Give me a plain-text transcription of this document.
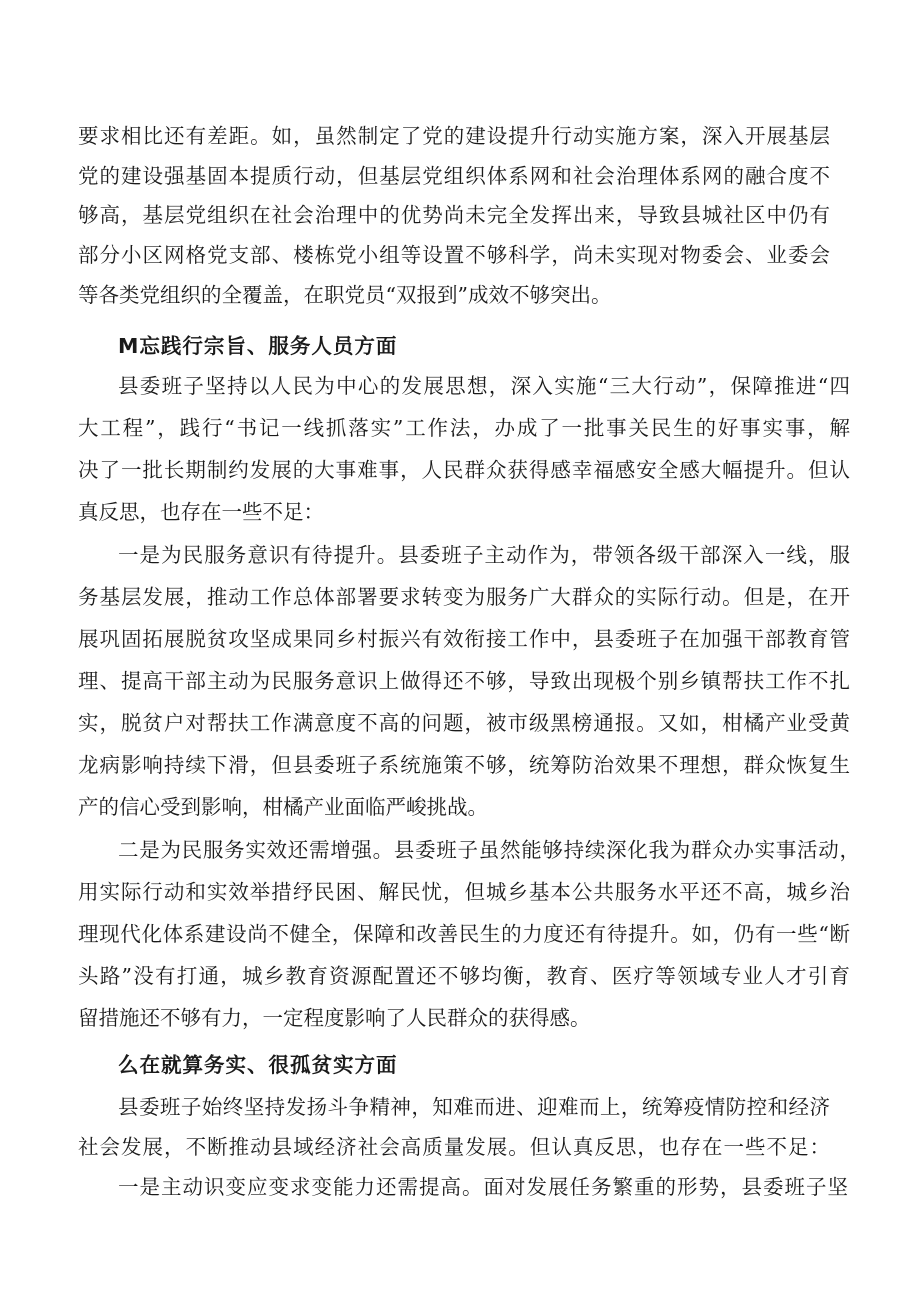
要求相比还有差距。如，虽然制定了党的建设提升行动实施方案，深入开展基层
党的建设强基固本提质行动，但基层党组织体系网和社会治理体系网的融合度不
够高，基层党组织在社会治理中的优势尚未完全发挥出来，导致县城社区中仍有
部分小区网格党支部、楼栋党小组等设置不够科学，尚未实现对物委会、业委会
等各类党组织的全覆盖，在职党员“双报到”成效不够突出。
M忘践行宗旨、服务人员方面
县委班子坚持以人民为中心的发展思想，深入实施“三大行动”，保障推进“四
大工程”，践行“书记一线抓落实”工作法，办成了一批事关民生的好事实事，解
决了一批长期制约发展的大事难事，人民群众获得感幸福感安全感大幅提升。但认
真反思，也存在一些不足：
一是为民服务意识有待提升。县委班子主动作为，带领各级干部深入一线，服
务基层发展，推动工作总体部署要求转变为服务广大群众的实际行动。但是，在开
展巩固拓展脱贫攻坚成果同乡村振兴有效衔接工作中，县委班子在加强干部教育管
理、提高干部主动为民服务意识上做得还不够，导致出现极个别乡镇帮扶工作不扎
实，脱贫户对帮扶工作满意度不高的问题，被市级黑榜通报。又如，柑橘产业受黄
龙病影响持续下滑，但县委班子系统施策不够，统筹防治效果不理想，群众恢复生
产的信心受到影响，柑橘产业面临严峻挑战。
二是为民服务实效还需增强。县委班子虽然能够持续深化我为群众办实事活动，
用实际行动和实效举措纾民困、解民忧，但城乡基本公共服务水平还不高，城乡治
理现代化体系建设尚不健全，保障和改善民生的力度还有待提升。如，仍有一些“断
头路”没有打通，城乡教育资源配置还不够均衡，教育、医疗等领域专业人才引育
留措施还不够有力，一定程度影响了人民群众的获得感。
么在就算务实、很孤贫实方面
县委班子始终坚持发扬斗争精神，知难而进、迎难而上，统筹疫情防控和经济
社会发展，不断推动县域经济社会高质量发展。但认真反思，也存在一些不足：
一是主动识变应变求变能力还需提高。面对发展任务繁重的形势，县委班子坚
